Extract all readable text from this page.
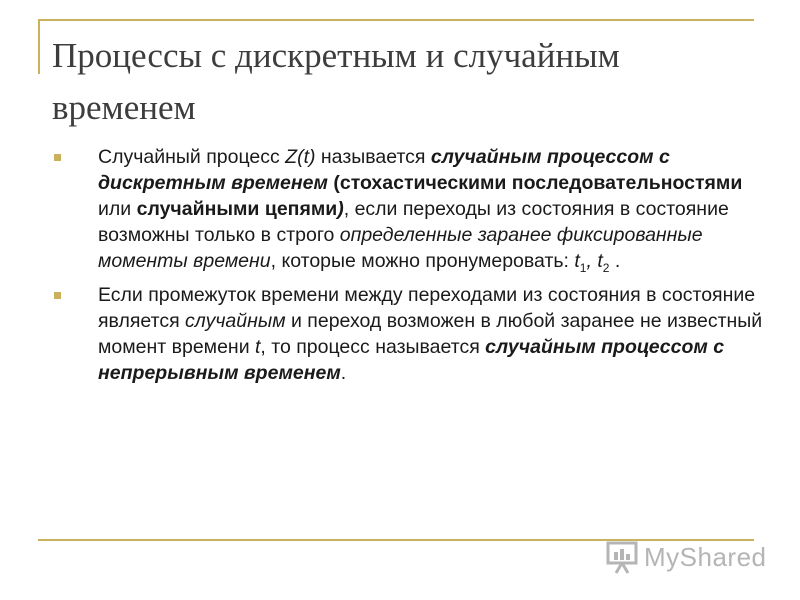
Процессы с дискретным и случайным временем
Случайный процесс Z(t) называется случайным процессом с дискретным временем (стохастическими последовательностями или случайными цепями), если переходы из состояния в состояние возможны только в строго определенные заранее фиксированные моменты времени, которые можно пронумеровать: $t_1$, $t_2$ .
Если промежуток времени между переходами из состояния в состояние является случайным и переход возможен в любой заранее не известный момент времени t, то процесс называется случайным процессом с непрерывным временем.
MyShared
